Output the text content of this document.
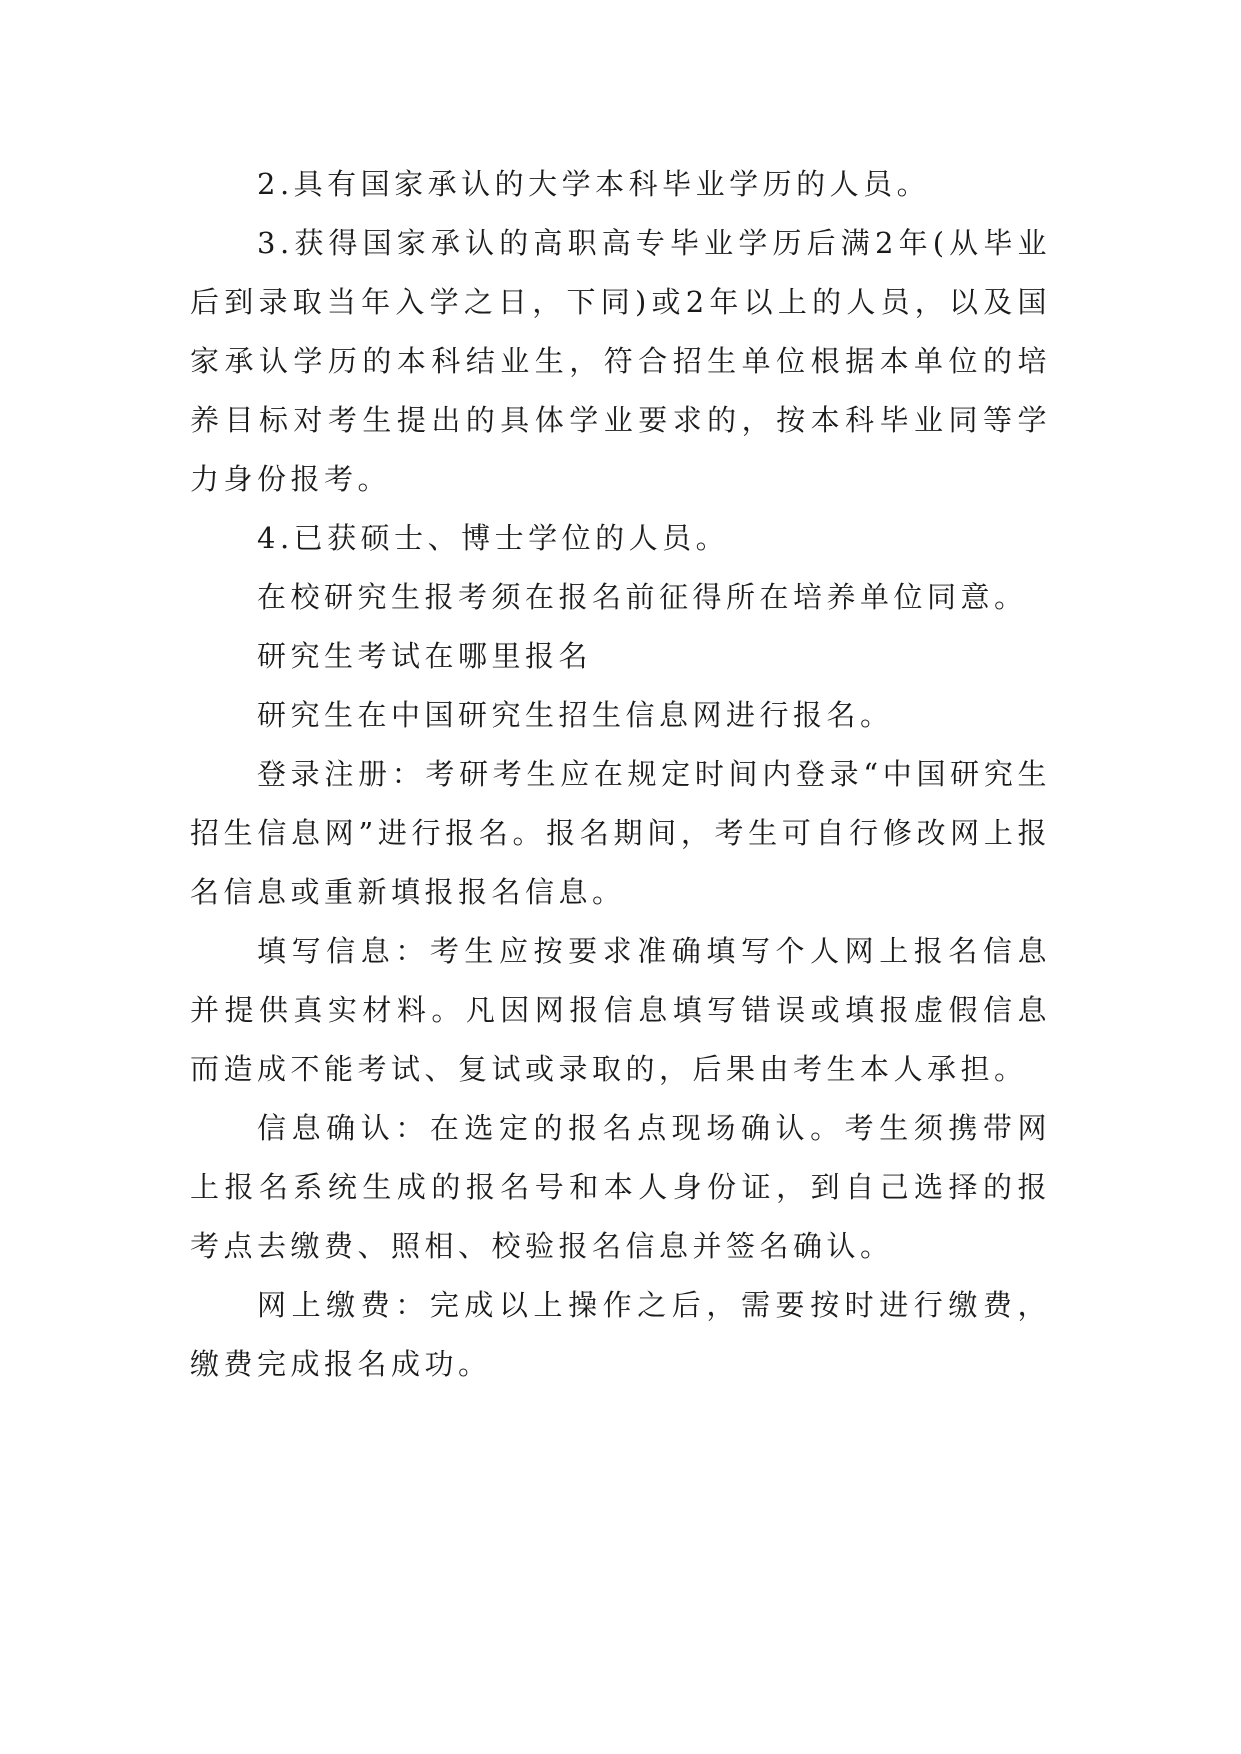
2.具有国家承认的大学本科毕业学历的人员。

3.获得国家承认的高职高专毕业学历后满2年(从毕业后到录取当年入学之日，下同)或2年以上的人员，以及国家承认学历的本科结业生，符合招生单位根据本单位的培养目标对考生提出的具体学业要求的，按本科毕业同等学力身份报考。

4.已获硕士、博士学位的人员。

在校研究生报考须在报名前征得所在培养单位同意。

研究生考试在哪里报名

研究生在中国研究生招生信息网进行报名。

登录注册：考研考生应在规定时间内登录“中国研究生招生信息网”进行报名。报名期间，考生可自行修改网上报名信息或重新填报报名信息。

填写信息：考生应按要求准确填写个人网上报名信息并提供真实材料。凡因网报信息填写错误或填报虚假信息而造成不能考试、复试或录取的，后果由考生本人承担。

信息确认：在选定的报名点现场确认。考生须携带网上报名系统生成的报名号和本人身份证，到自己选择的报考点去缴费、照相、校验报名信息并签名确认。

网上缴费：完成以上操作之后，需要按时进行缴费，缴费完成报名成功。
